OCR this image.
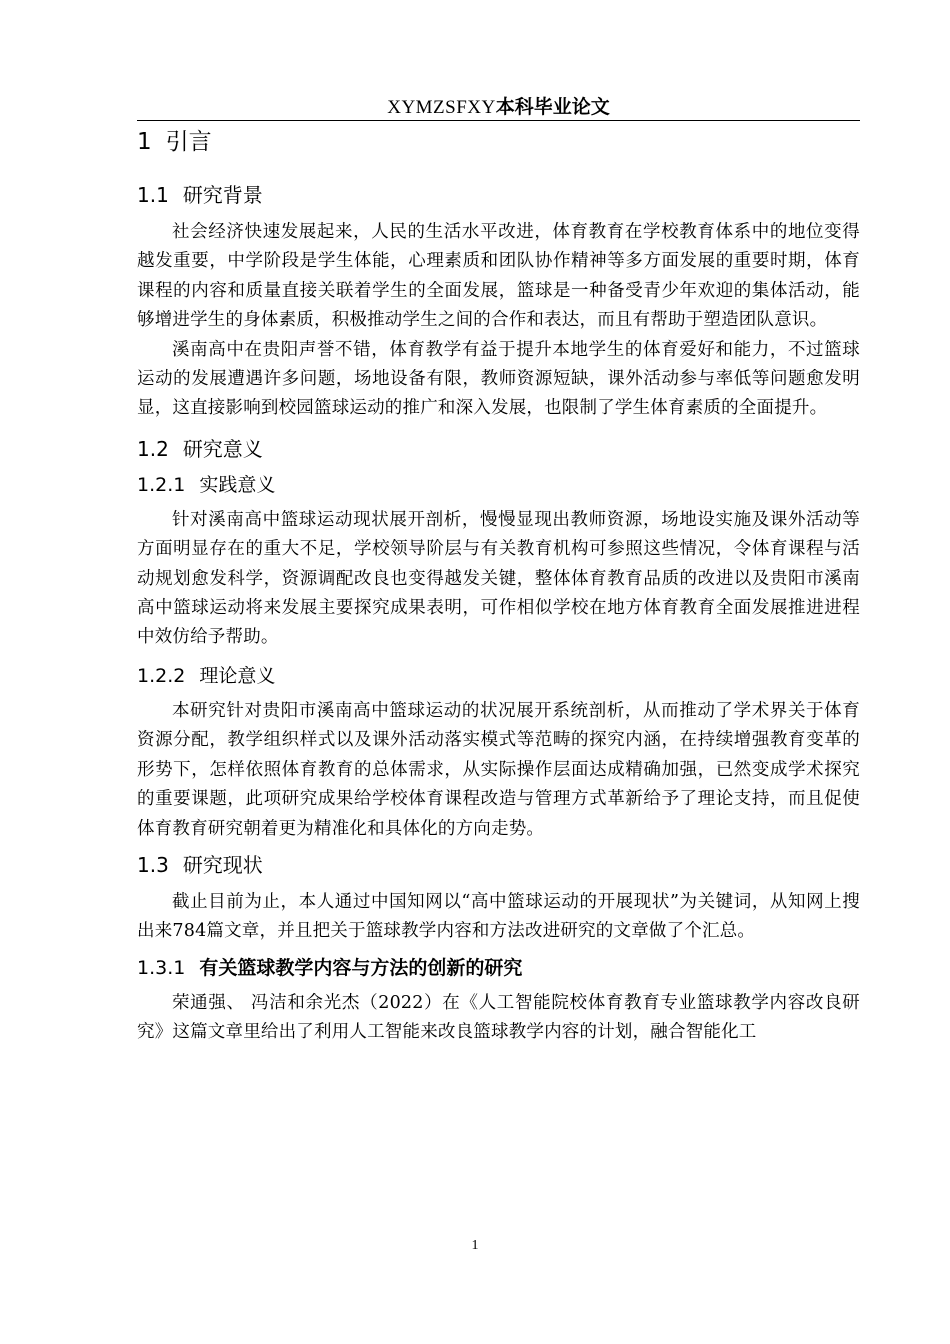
XYMZSFXY本科毕业论文
1 引言
1.1 研究背景

社会经济快速发展起来，人民的生活水平改进，体育教育在学校教育体系中的地位变得越发重要，中学阶段是学生体能，心理素质和团队协作精神等多方面发展的重要时期，体育课程的内容和质量直接关联着学生的全面发展，篮球是一种备受青少年欢迎的集体活动，能够增进学生的身体素质，积极推动学生之间的合作和表达，而且有帮助于塑造团队意识。

溪南高中在贵阳声誉不错，体育教学有益于提升本地学生的体育爱好和能力，不过篮球运动的发展遭遇许多问题，场地设备有限，教师资源短缺，课外活动参与率低等问题愈发明显，这直接影响到校园篮球运动的推广和深入发展，也限制了学生体育素质的全面提升。

1.2 研究意义
1.2.1 实践意义

针对溪南高中篮球运动现状展开剖析，慢慢显现出教师资源，场地设实施及课外活动等方面明显存在的重大不足，学校领导阶层与有关教育机构可参照这些情况，令体育课程与活动规划愈发科学，资源调配改良也变得越发关键，整体体育教育品质的改进以及贵阳市溪南高中篮球运动将来发展主要探究成果表明，可作相似学校在地方体育教育全面发展推进进程中效仿给予帮助。

1.2.2 理论意义

本研究针对贵阳市溪南高中篮球运动的状况展开系统剖析，从而推动了学术界关于体育资源分配，教学组织样式以及课外活动落实模式等范畴的探究内涵，在持续增强教育变革的形势下，怎样依照体育教育的总体需求，从实际操作层面达成精确加强，已然变成学术探究的重要课题，此项研究成果给学校体育课程改造与管理方式革新给予了理论支持，而且促使体育教育研究朝着更为精准化和具体化的方向走势。

1.3 研究现状

截止目前为止，本人通过中国知网以“高中篮球运动的开展现状”为关键词，从知网上搜出来784篇文章，并且把关于篮球教学内容和方法改进研究的文章做了个汇总。

1.3.1 有关篮球教学内容与方法的创新的研究

荣通强、 冯洁和余光杰（2022）在《人工智能院校体育教育专业篮球教学内容改良研究》这篇文章里给出了利用人工智能来改良篮球教学内容的计划，融合智能化工

1
